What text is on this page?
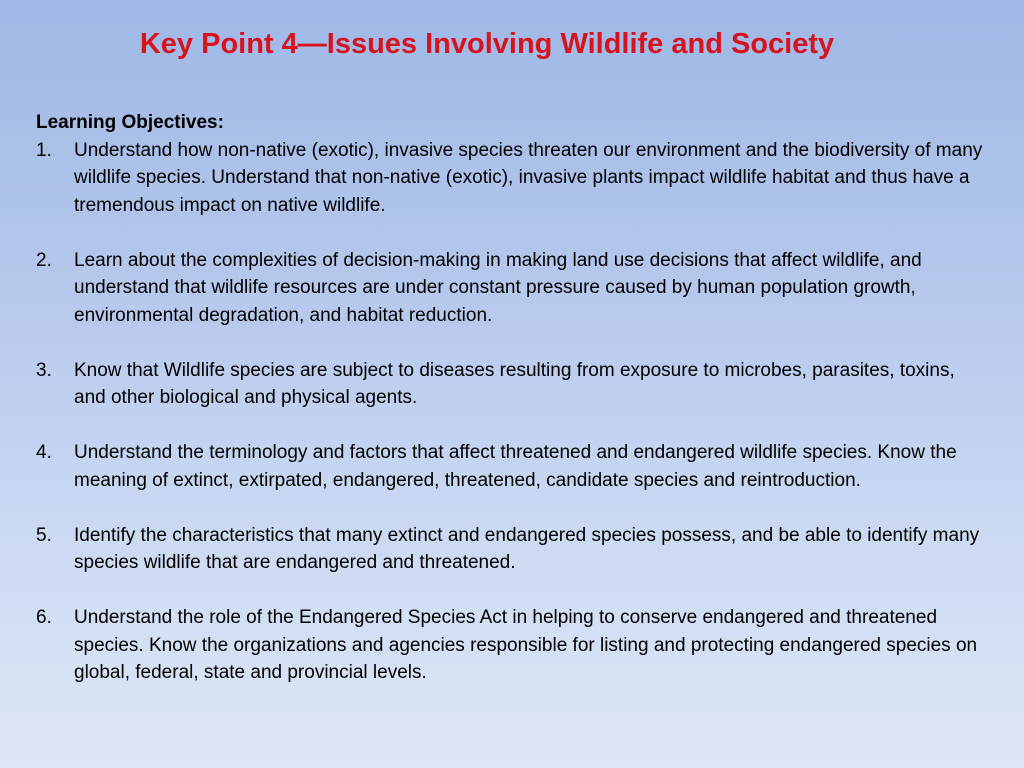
Key Point 4—Issues Involving Wildlife and Society

Learning Objectives:

1. Understand how non-native (exotic), invasive species threaten our environment and the biodiversity of many wildlife species. Understand that non-native (exotic), invasive plants impact wildlife habitat and thus have a tremendous impact on native wildlife.
2. Learn about the complexities of decision-making in making land use decisions that affect wildlife, and understand that wildlife resources are under constant pressure caused by human population growth, environmental degradation, and habitat reduction.
3. Know that Wildlife species are subject to diseases resulting from exposure to microbes, parasites, toxins, and other biological and physical agents.
4. Understand the terminology and factors that affect threatened and endangered wildlife species. Know the meaning of extinct, extirpated, endangered, threatened, candidate species and reintroduction.
5. Identify the characteristics that many extinct and endangered species possess, and be able to identify many species wildlife that are endangered and threatened.
6. Understand the role of the Endangered Species Act in helping to conserve endangered and threatened species. Know the organizations and agencies responsible for listing and protecting endangered species on global, federal, state and provincial levels.
